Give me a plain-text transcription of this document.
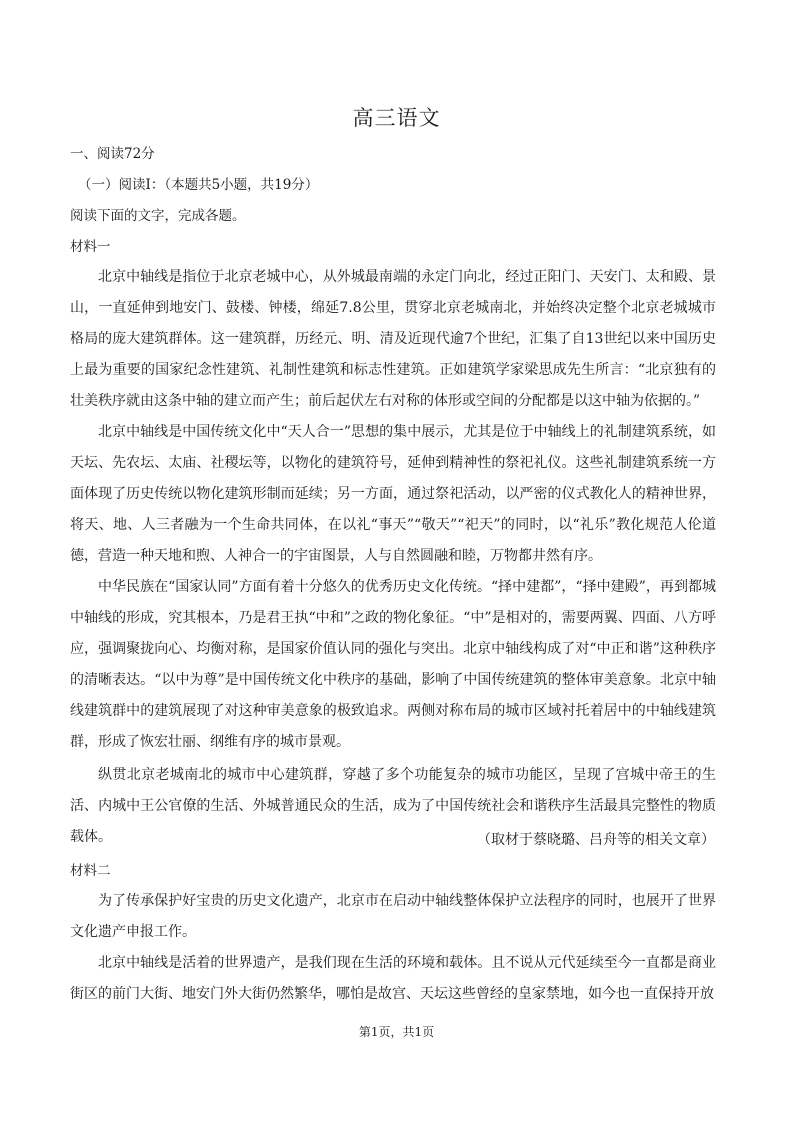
高三语文
一、阅读72分
（一）阅读Ⅰ：（本题共5小题，共19分）
阅读下面的文字，完成各题。
材料一
北京中轴线是指位于北京老城中心，从外城最南端的永定门向北，经过正阳门、天安门、太和殿、景山，一直延伸到地安门、鼓楼、钟楼，绵延7.8公里，贯穿北京老城南北，并始终决定整个北京老城城市格局的庞大建筑群体。这一建筑群，历经元、明、清及近现代逾7个世纪，汇集了自13世纪以来中国历史上最为重要的国家纪念性建筑、礼制性建筑和标志性建筑。正如建筑学家梁思成先生所言：“北京独有的壮美秩序就由这条中轴的建立而产生；前后起伏左右对称的体形或空间的分配都是以这中轴为依据的。”
北京中轴线是中国传统文化中“天人合一”思想的集中展示，尤其是位于中轴线上的礼制建筑系统，如天坛、先农坛、太庙、社稷坛等，以物化的建筑符号，延伸到精神性的祭祀礼仪。这些礼制建筑系统一方面体现了历史传统以物化建筑形制而延续；另一方面，通过祭祀活动，以严密的仪式教化人的精神世界，将天、地、人三者融为一个生命共同体，在以礼“事天”“敬天”“祀天”的同时，以“礼乐”教化规范人伦道德，营造一种天地和煦、人神合一的宇宙图景，人与自然圆融和睦，万物都井然有序。
中华民族在“国家认同”方面有着十分悠久的优秀历史文化传统。“择中建都”，“择中建殿”，再到都城中轴线的形成，究其根本，乃是君王执“中和”之政的物化象征。“中”是相对的，需要两翼、四面、八方呼应，强调聚拢向心、均衡对称，是国家价值认同的强化与突出。北京中轴线构成了对“中正和谐”这种秩序的清晰表达。“以中为尊”是中国传统文化中秩序的基础，影响了中国传统建筑的整体审美意象。北京中轴线建筑群中的建筑展现了对这种审美意象的极致追求。两侧对称布局的城市区域衬托着居中的中轴线建筑群，形成了恢宏壮丽、纲维有序的城市景观。
纵贯北京老城南北的城市中心建筑群，穿越了多个功能复杂的城市功能区，呈现了宫城中帝王的生活、内城中王公官僚的生活、外城普通民众的生活，成为了中国传统社会和谐秩序生活最具完整性的物质载体。	（取材于蔡晓璐、吕舟等的相关文章）
材料二
为了传承保护好宝贵的历史文化遗产，北京市在启动中轴线整体保护立法程序的同时，也展开了世界文化遗产申报工作。
北京中轴线是活着的世界遗产，是我们现在生活的环境和载体。且不说从元代延续至今一直都是商业街区的前门大街、地安门外大街仍然繁华，哪怕是故宫、天坛这些曾经的皇家禁地，如今也一直保持开放
第1页，共1页
